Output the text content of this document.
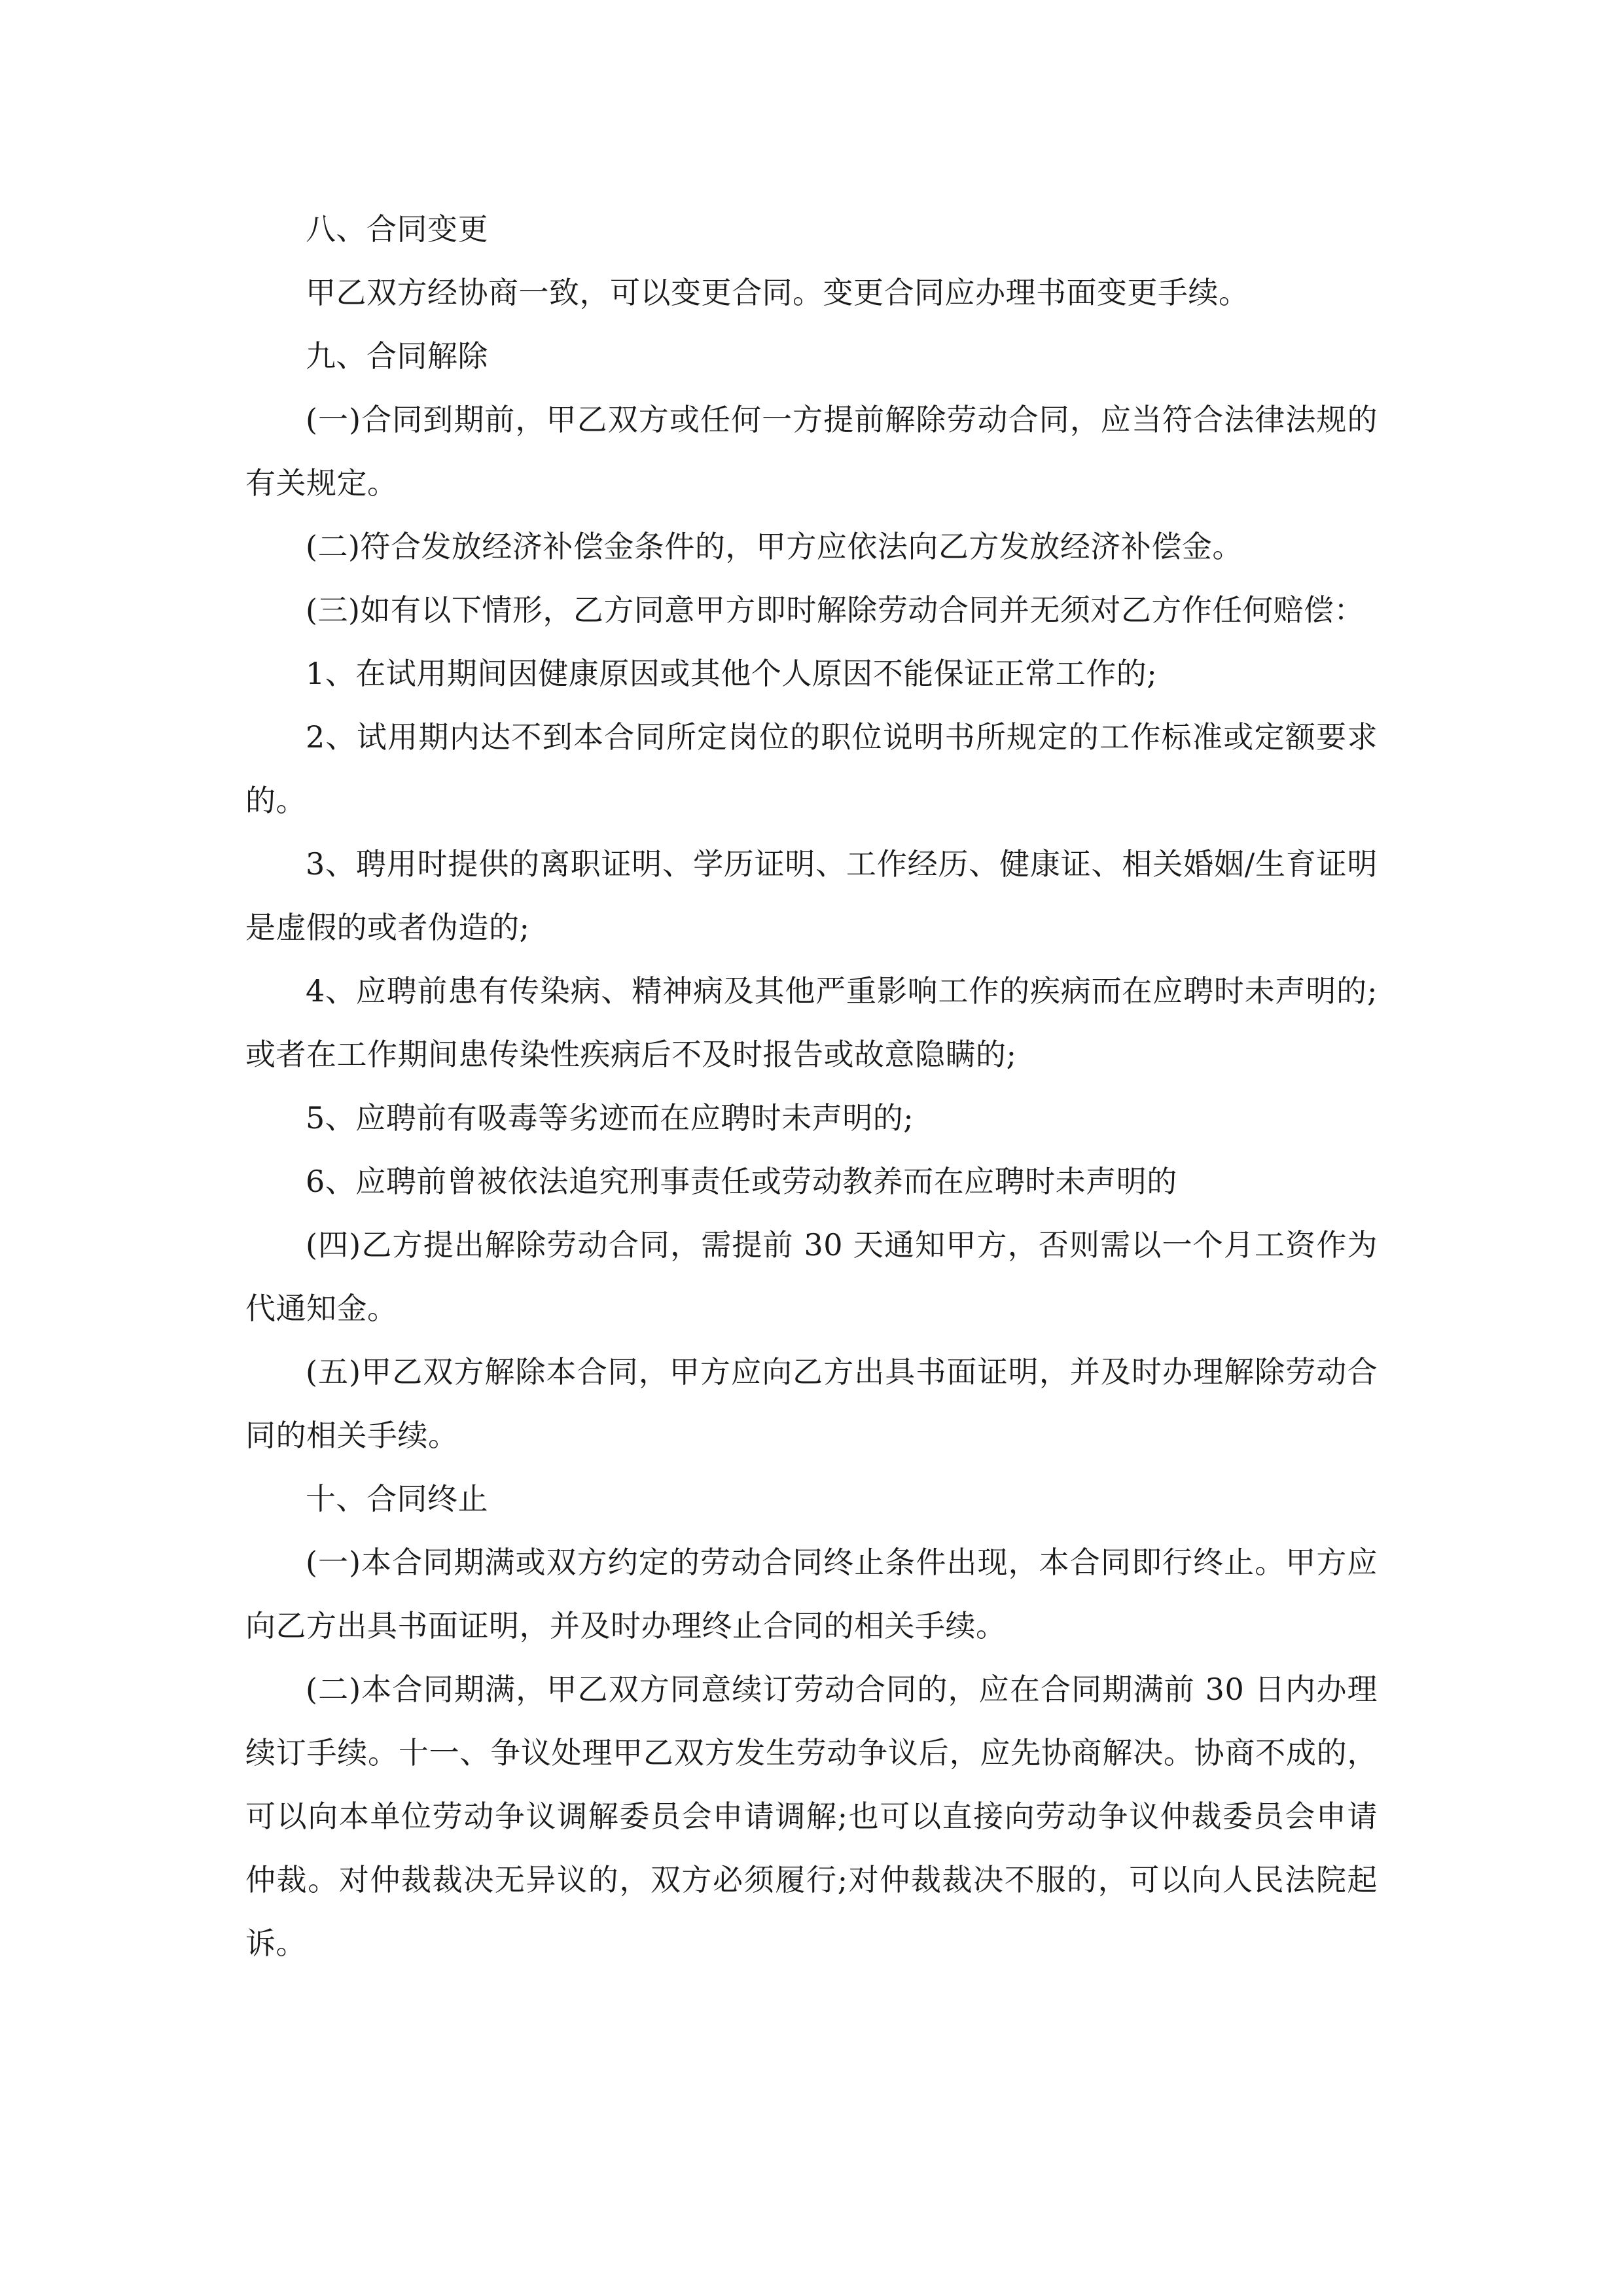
八、合同变更

甲乙双方经协商一致，可以变更合同。变更合同应办理书面变更手续。

九、合同解除

(一)合同到期前，甲乙双方或任何一方提前解除劳动合同，应当符合法律法规的有关规定。

(二)符合发放经济补偿金条件的，甲方应依法向乙方发放经济补偿金。

(三)如有以下情形，乙方同意甲方即时解除劳动合同并无须对乙方作任何赔偿：

1、在试用期间因健康原因或其他个人原因不能保证正常工作的;

2、试用期内达不到本合同所定岗位的职位说明书所规定的工作标准或定额要求的。

3、聘用时提供的离职证明、学历证明、工作经历、健康证、相关婚姻/生育证明是虚假的或者伪造的;

4、应聘前患有传染病、精神病及其他严重影响工作的疾病而在应聘时未声明的;或者在工作期间患传染性疾病后不及时报告或故意隐瞒的;

5、应聘前有吸毒等劣迹而在应聘时未声明的;

6、应聘前曾被依法追究刑事责任或劳动教养而在应聘时未声明的

(四)乙方提出解除劳动合同，需提前 30 天通知甲方，否则需以一个月工资作为代通知金。

(五)甲乙双方解除本合同，甲方应向乙方出具书面证明，并及时办理解除劳动合同的相关手续。

十、合同终止

(一)本合同期满或双方约定的劳动合同终止条件出现，本合同即行终止。甲方应向乙方出具书面证明，并及时办理终止合同的相关手续。

(二)本合同期满，甲乙双方同意续订劳动合同的，应在合同期满前 30 日内办理续订手续。十一、争议处理甲乙双方发生劳动争议后，应先协商解决。协商不成的，可以向本单位劳动争议调解委员会申请调解;也可以直接向劳动争议仲裁委员会申请仲裁。对仲裁裁决无异议的，双方必须履行;对仲裁裁决不服的，可以向人民法院起诉。
